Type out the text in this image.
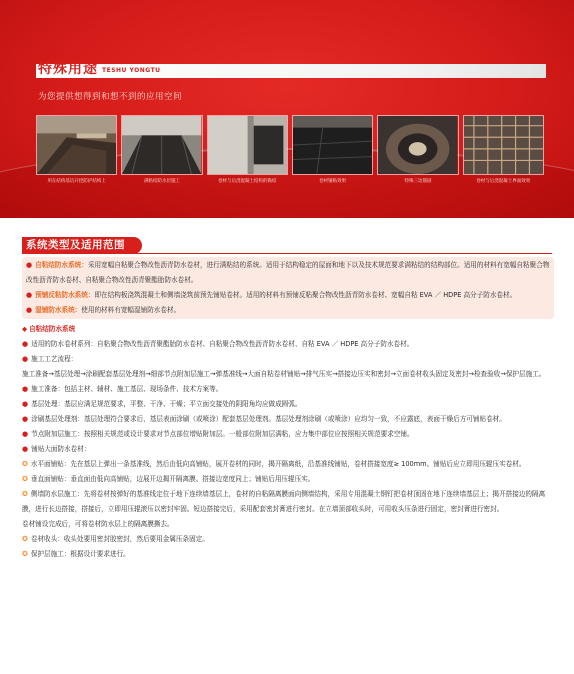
特殊用途 TESHU YONGTU
为您提供想得到和想不到的应用空间
用在结构基坑开挖防护结构上	满粘结防水层施工	卷材与后浇混凝土结构的黏结	卷材铺贴效果	特殊三边锚固	卷材与后浇混凝土界面效果
系统类型及适用范围

● 自粘结防水系统：采用宽幅自粘聚合物改性沥青防水卷材，进行满粘结的系统。适用于结构稳定的屋面和地下以及技术规范要求满粘结的结构部位。适用的材料有宽幅自粘聚合物改性沥青防水卷材、自粘聚合物改性沥青聚酯胎防水卷材。

● 预铺反粘防水系统：即在结构板浇筑混凝土和侧墙浇筑前预先铺贴卷材。适用的材料有预铺反粘聚合物改性沥青防水卷材、宽幅自粘 EVA ／ HDPE 高分子防水卷材。

● 湿铺防水系统：使用的材料有宽幅湿铺防水卷材。

◆ 自粘结防水系统

● 适用的防水卷材系列：自粘聚合物改性沥青聚酯胎防水卷材、自粘聚合物改性沥青防水卷材、自粘 EVA ／ HDPE 高分子防水卷材。

● 施工工艺流程：

施工准备→基层处理→涂刷配套基层处理剂→细部节点附加层施工→弹基准线→大面自粘卷材铺贴→排气压实→搭接边压实和密封→立面卷材收头固定及密封→检查验收→保护层施工。

● 施工准备：包括主材、辅材、施工基层、现场条件、技术方案等。

● 基层处理：基层应满足规范要求，平整、干净、干燥；平立面交接处的阴阳角均应做成圆弧。

● 涂刷基层处理剂：基层处理符合要求后，基层表面涂刷（或喷涂）配套基层处理剂。基层处理剂涂刷（或喷涂）应均匀一致，不应露底，表面干燥后方可铺贴卷材。

● 节点附加层施工：按照相关规范或设计要求对节点部位增贴附加层。一般部位附加层满粘，应力集中部位应按照相关规范要求空铺。

● 铺贴大面防水卷材：

✪ 水平面铺贴：先在基层上弹出一条基准线，然后由低向高铺贴，展开卷材的同时，揭开隔离纸，沿基准线铺贴，卷材搭接宽度≥ 100mm。铺贴后应立即用压辊压实卷材。

✪ 垂直面铺贴：垂直面由低向高铺贴，边展开边揭开隔离膜。搭接边宽度同上；铺贴后用压辊压实。

✪ 侧墙防水层施工：先将卷材按弹好的基准线定位于地下连续墙基层上，卷材的自粘隔离膜面向侧墙结构，采用专用混凝土钢钉把卷材顶固在地下连续墙基层上；揭开搭接边的隔离膜，进行长边搭接，搭接后，立即用压辊滚压以密封牢固。短边搭接完后，采用配套密封膏进行密封。在立墙顶部收头时，可用收头压条进行固定，密封膏进行密封。

卷材铺设完成后，可将卷材防水层上的隔离膜撕去。

✪ 卷材收头：收头处要用密封胶密封，然后要用金属压条固定。

✪ 保护层施工：根据设计要求进行。
